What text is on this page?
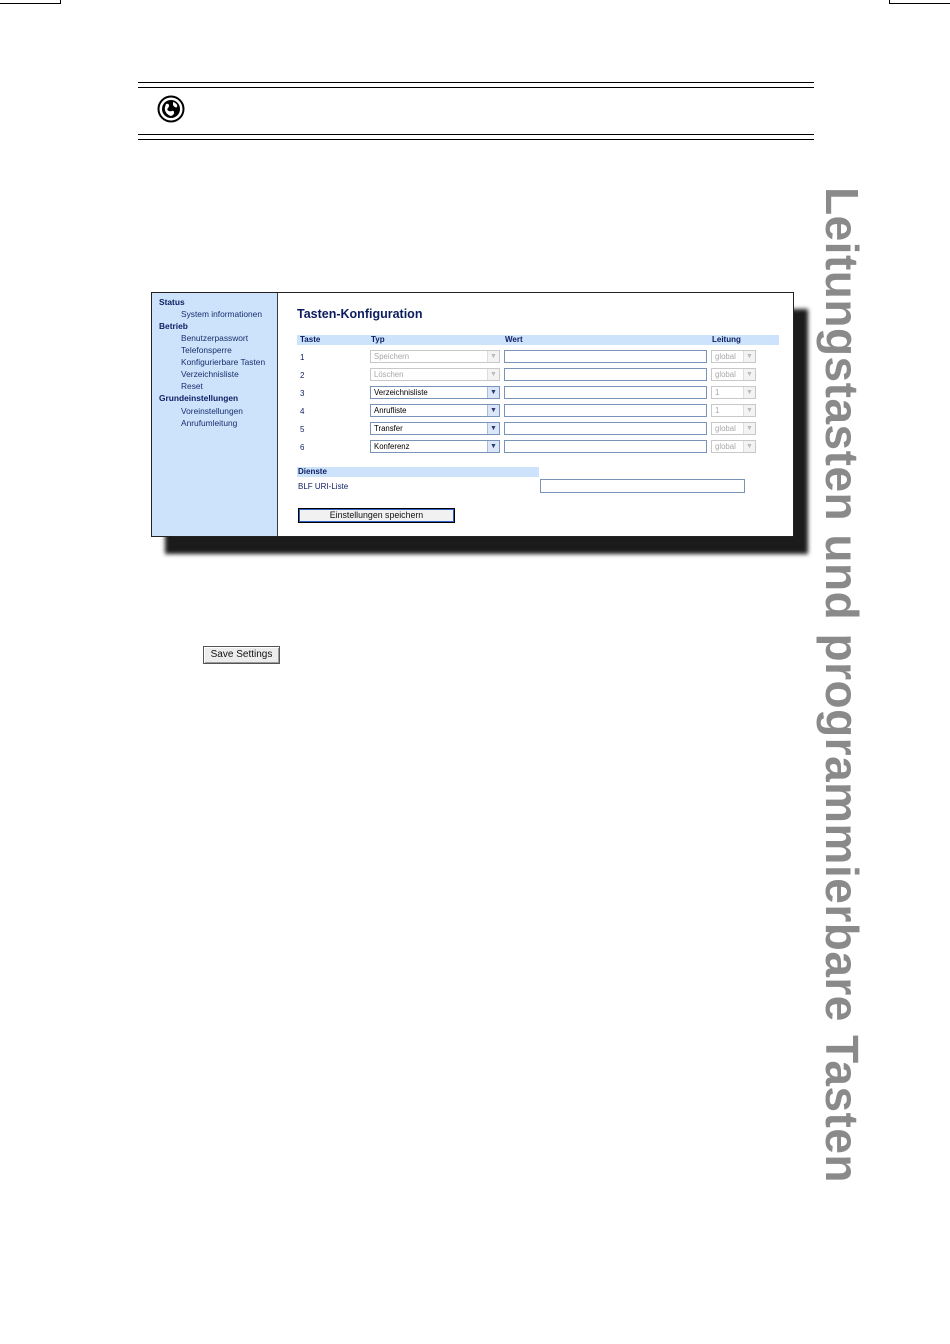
Leitungstasten und programmierbare Tasten
Status
System informationen
Betrieb
Benutzerpasswort
Telefonsperre
Konfigurierbare Tasten
Verzeichnisliste
Reset
Grundeinstellungen
Voreinstellungen
Anrufumleitung
Tasten-Konfiguration
Taste	Typ	Wert	Leitung
1	Speichern	▼	global	▼
2	Löschen	▼	global	▼
3	Verzeichnisliste	▼	1	▼
4	Anrufliste	▼	1	▼
5	Transfer	▼	global	▼
6	Konferenz	▼	global	▼
Dienste
BLF URI-Liste
Einstellungen speichern
Save Settings
